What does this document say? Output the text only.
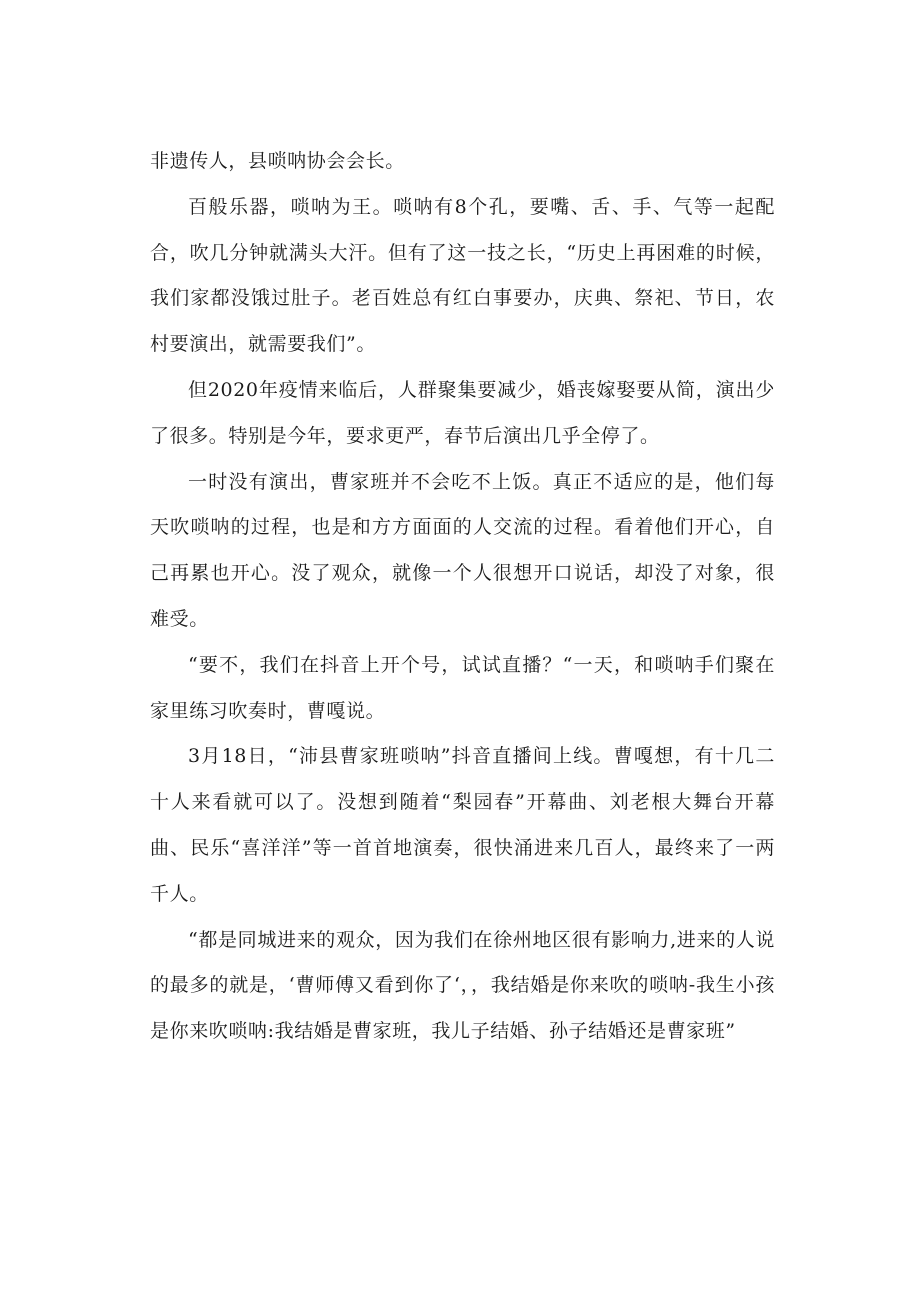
非遗传人，县唢呐协会会长。

百般乐器，唢呐为王。唢呐有8个孔，要嘴、舌、手、气等一起配合，吹几分钟就满头大汗。但有了这一技之长，“历史上再困难的时候，我们家都没饿过肚子。老百姓总有红白事要办，庆典、祭祀、节日，农村要演出，就需要我们”。

但2020年疫情来临后，人群聚集要减少，婚丧嫁娶要从简，演出少了很多。特别是今年，要求更严，春节后演出几乎全停了。

一时没有演出，曹家班并不会吃不上饭。真正不适应的是，他们每天吹唢呐的过程，也是和方方面面的人交流的过程。看着他们开心，自己再累也开心。没了观众，就像一个人很想开口说话，却没了对象，很难受。

“要不，我们在抖音上开个号，试试直播？“一天，和唢呐手们聚在家里练习吹奏时，曹嘎说。

3月18日，“沛县曹家班唢呐”抖音直播间上线。曹嘎想，有十几二十人来看就可以了。没想到随着“梨园春”开幕曲、刘老根大舞台开幕曲、民乐“喜洋洋”等一首首地演奏，很快涌进来几百人，最终来了一两千人。

“都是同城进来的观众，因为我们在徐州地区很有影响力,进来的人说的最多的就是，‘曹师傅又看到你了‘，，我结婚是你来吹的唢呐-我生小孩是你来吹唢呐:我结婚是曹家班，我儿子结婚、孙子结婚还是曹家班”
